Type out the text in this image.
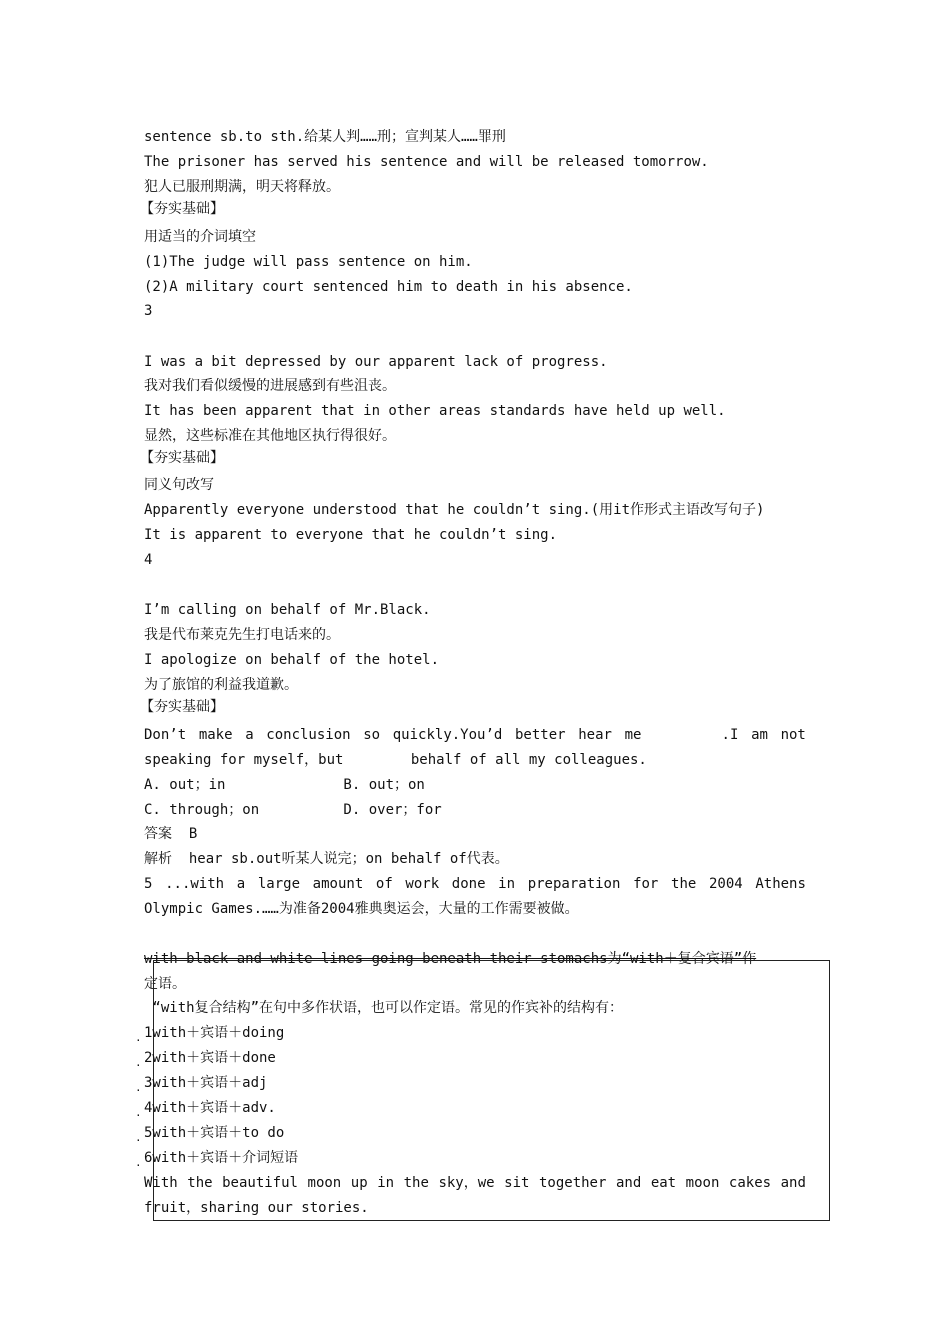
sentence sb.to sth.给某人判……刑；宣判某人……罪刑
The prisoner has served his sentence and will be released tomorrow.
犯人已服刑期满，明天将释放。
【夯实基础】
用适当的介词填空
(1)The judge will pass sentence on him.
(2)A military court sentenced him to death in his absence.
3
I was a bit depressed by our apparent lack of progress.
我对我们看似缓慢的进展感到有些沮丧。
It has been apparent that in other areas standards have held up well.
显然，这些标准在其他地区执行得很好。
【夯实基础】
同义句改写
Apparently everyone understood that he couldn’t sing.(用it作形式主语改写句子)
It is apparent to everyone that he couldn’t sing.
4
I’m calling on behalf of Mr.Black.
我是代布莱克先生打电话来的。
I apologize on behalf of the hotel.
为了旅馆的利益我道歉。
【夯实基础】
Don’t make a conclusion so quickly.You’d better hear me .I am not
speaking for myself，but        behalf of all my colleagues.
A. out；in              B. out；on
C. through；on          D. over；for
答案  B
解析  hear sb.out听某人说完；on behalf of代表。
5 ...with a large amount of work done in preparation for the 2004 Athens
Olympic Games.……为准备2004雅典奥运会，大量的工作需要被做。
with black and white lines going beneath their stomachs为“with＋复合宾语”作
定语。
“with复合结构”在句中多作状语，也可以作定语。常见的作宾补的结构有：
.
.
.
.
.
.
1with＋宾语＋doing
2with＋宾语＋done
3with＋宾语＋adj
4with＋宾语＋adv.
5with＋宾语＋to do
6with＋宾语＋介词短语
With the beautiful moon up in the sky，we sit together and eat moon cakes and
fruit，sharing our stories.
